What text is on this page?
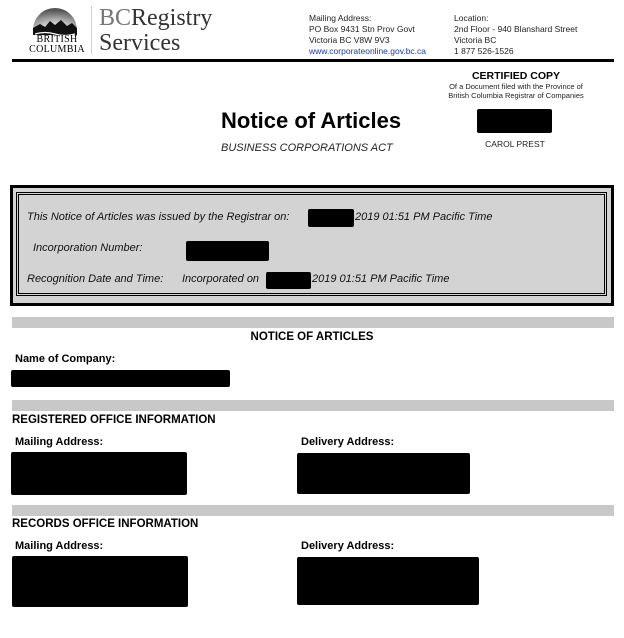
BRITISH
COLUMBIA
BCRegistry
Services
Mailing Address:
PO Box 9431 Stn Prov Govt
Victoria BC V8W 9V3
www.corporateonline.gov.bc.ca
Location:
2nd Floor - 940 Blanshard Street
Victoria BC
1 877 526-1526
CERTIFIED COPY
Of a Document filed with the Province of
British Columbia Registrar of Companies
CAROL PREST
Notice of Articles
BUSINESS CORPORATIONS ACT
This Notice of Articles was issued by the Registrar on:	2019 01:51 PM Pacific Time
Incorporation Number:
Recognition Date and Time: Incorporated on	2019 01:51 PM Pacific Time
NOTICE OF ARTICLES
Name of Company:
REGISTERED OFFICE INFORMATION
Mailing Address:	Delivery Address:
RECORDS OFFICE INFORMATION
Mailing Address:	Delivery Address:
